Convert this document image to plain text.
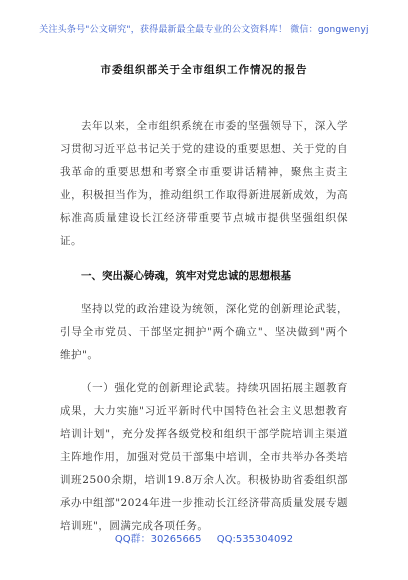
关注头条号"公文研究"，获得最新最全最专业的公文资料库！ 微信：gongwenyj
市委组织部关于全市组织工作情况的报告

去年以来，全市组织系统在市委的坚强领导下，深入学习贯彻习近平总书记关于党的建设的重要思想、关于党的自我革命的重要思想和考察全市重要讲话精神，聚焦主责主业，积极担当作为，推动组织工作取得新进展新成效，为高标准高质量建设长江经济带重要节点城市提供坚强组织保证。

一、突出凝心铸魂，筑牢对党忠诚的思想根基

坚持以党的政治建设为统领，深化党的创新理论武装，引导全市党员、干部坚定拥护"两个确立"、坚决做到"两个维护"。

（一）强化党的创新理论武装。持续巩固拓展主题教育成果，大力实施"习近平新时代中国特色社会主义思想教育培训计划"，充分发挥各级党校和组织干部学院培训主渠道主阵地作用，加强对党员干部集中培训，全市共举办各类培训班2500余期，培训19.8万余人次。积极协助省委组织部承办中组部"2024年进一步推动长江经济带高质量发展专题培训班"，圆满完成各项任务。

QQ群：30265665 QQ:535304092
